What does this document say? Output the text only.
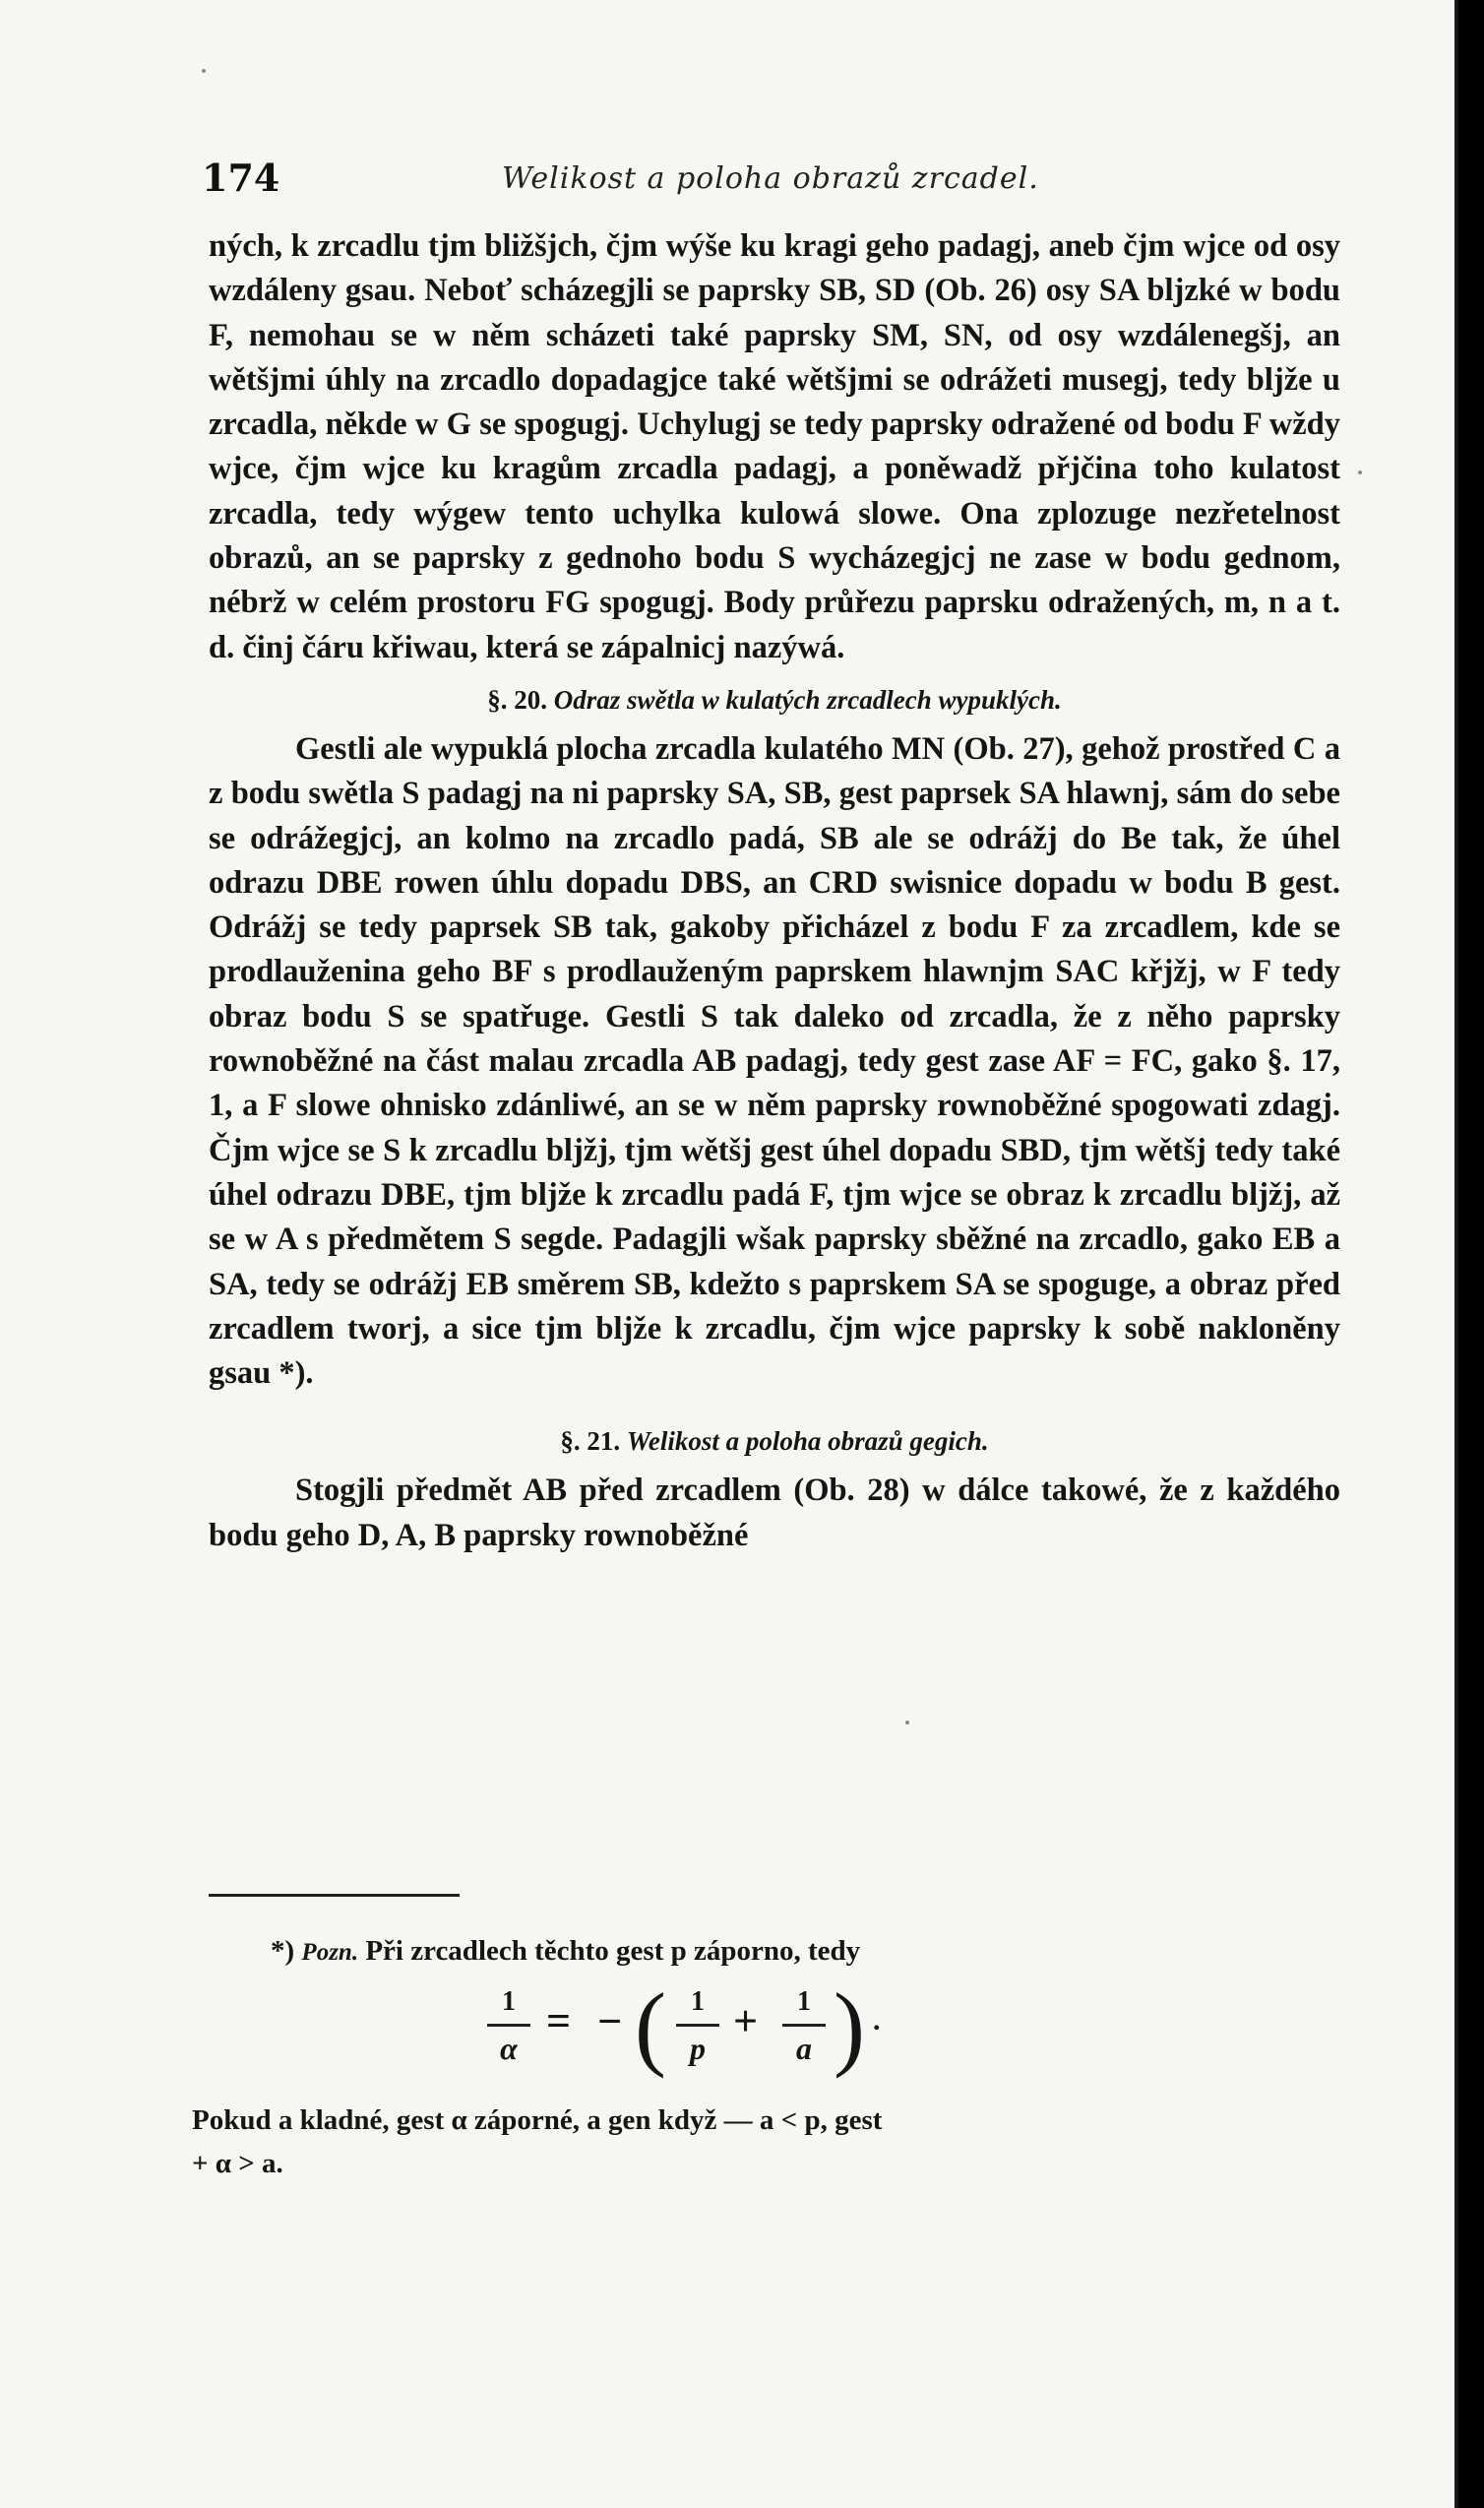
174	Welikost a poloha obrazů zrcadel.

ných, k zrcadlu tjm bližšjch, čjm wýše ku kragi geho padagj, aneb čjm wjce od osy wzdáleny gsau. Neboť scházegjli se paprsky SB, SD (Ob. 26) osy SA bljzké w bodu F, nemohau se w něm scházeti také paprsky SM, SN, od osy wzdálenegšj, an wětšjmi úhly na zrcadlo dopadagjce také wětšjmi se odrážeti musegj, tedy bljže u zrcadla, někde w G se spogugj. Uchylugj se tedy paprsky odražené od bodu F wždy wjce, čjm wjce ku kragům zrcadla padagj, a poněwadž přjčina toho kulatost zrcadla, tedy wýgew tento uchylka kulowá slowe. Ona zplozuge nezřetelnost obrazů, an se paprsky z gednoho bodu S wycházegjcj ne zase w bodu gednom, nébrž w celém prostoru FG spogugj. Body průřezu paprsku odražených, m, n a t. d. činj čáru křiwau, která se zápalnicj nazýwá.

§. 20. Odraz swětla w kulatých zrcadlech wypuklých.

Gestli ale wypuklá plocha zrcadla kulatého MN (Ob. 27), gehož prostřed C a z bodu swětla S padagj na ni paprsky SA, SB, gest paprsek SA hlawnj, sám do sebe se odrážegjcj, an kolmo na zrcadlo padá, SB ale se odrážj do Be tak, že úhel odrazu DBE rowen úhlu dopadu DBS, an CRD swisnice dopadu w bodu B gest. Odrážj se tedy paprsek SB tak, gakoby přicházel z bodu F za zrcadlem, kde se prodlauženina geho BF s prodlauženým paprskem hlawnjm SAC křjžj, w F tedy obraz bodu S se spatřuge. Gestli S tak daleko od zrcadla, že z něho paprsky rownoběžné na část malau zrcadla AB padagj, tedy gest zase AF = FC, gako §. 17, 1, a F slowe ohnisko zdánliwé, an se w něm paprsky rownoběžné spogowati zdagj. Čjm wjce se S k zrcadlu bljžj, tjm wětšj gest úhel dopadu SBD, tjm wětšj tedy také úhel odrazu DBE, tjm bljže k zrcadlu padá F, tjm wjce se obraz k zrcadlu bljžj, až se w A s předmětem S segde. Padagjli wšak paprsky sběžné na zrcadlo, gako EB a SA, tedy se odrážj EB směrem SB, kdežto s paprskem SA se spoguge, a obraz před zrcadlem tworj, a sice tjm bljže k zrcadlu, čjm wjce paprsky k sobě nakloněny gsau *).

§. 21. Welikost a poloha obrazů gegich.

Stogjli předmět AB před zrcadlem (Ob. 28) w dálce takowé, že z každého bodu geho D, A, B paprsky rownoběžné

*) Pozn. Při zrcadlech těchto gest p záporno, tedy
$\frac{1}{\alpha}$ = − ( $\frac{1}{p} + \frac{1}{a}$ ) .
Pokud a kladné, gest α záporné, a gen když — a < p, gest
+ α > a.
